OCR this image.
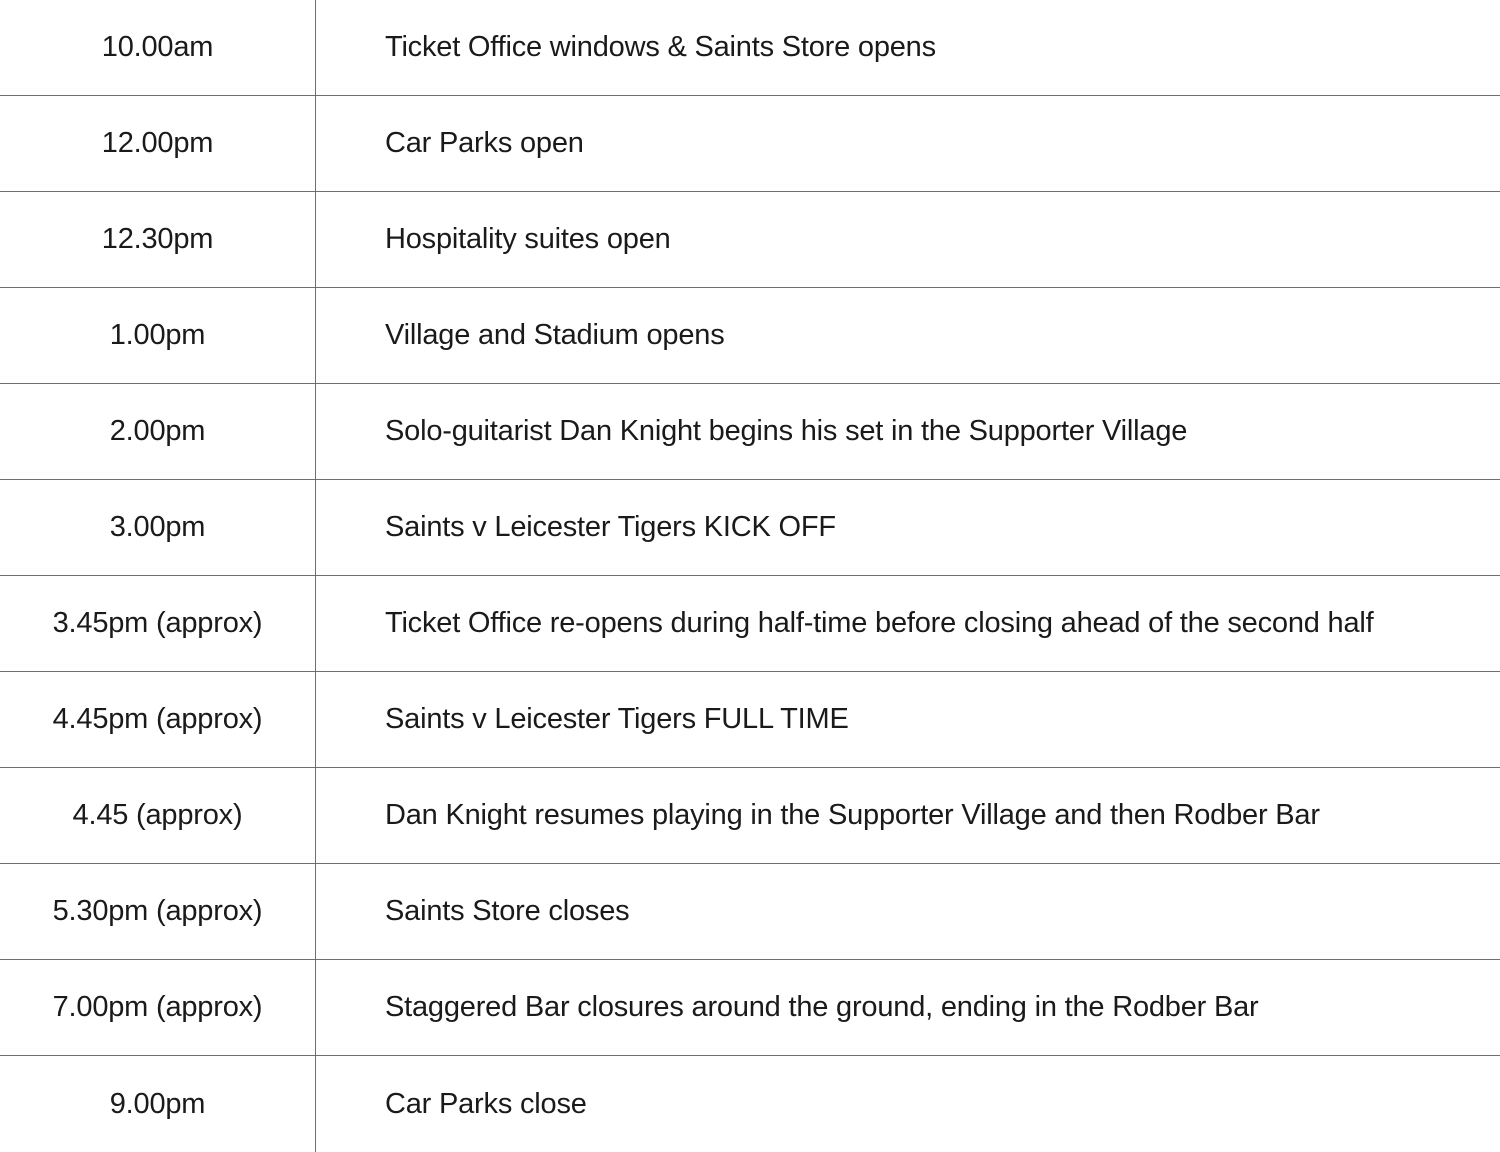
10.00am	Ticket Office windows & Saints Store opens
12.00pm	Car Parks open
12.30pm	Hospitality suites open
1.00pm	Village and Stadium opens
2.00pm	Solo-guitarist Dan Knight begins his set in the Supporter Village
3.00pm	Saints v Leicester Tigers KICK OFF
3.45pm (approx)	Ticket Office re-opens during half-time before closing ahead of the second half
4.45pm (approx)	Saints v Leicester Tigers FULL TIME
4.45 (approx)	Dan Knight resumes playing in the Supporter Village and then Rodber Bar
5.30pm (approx)	Saints Store closes
7.00pm (approx)	Staggered Bar closures around the ground, ending in the Rodber Bar
9.00pm	Car Parks close
